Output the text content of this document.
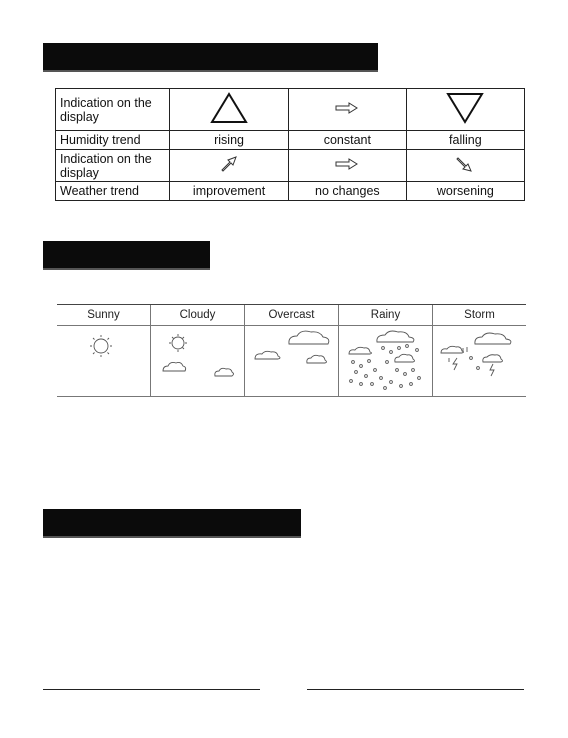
Indication on the display			
Humidity trend	rising	constant	falling
Indication on the display			
Weather trend	improvement	no changes	worsening
Sunny	Cloudy	Overcast	Rainy	Storm
